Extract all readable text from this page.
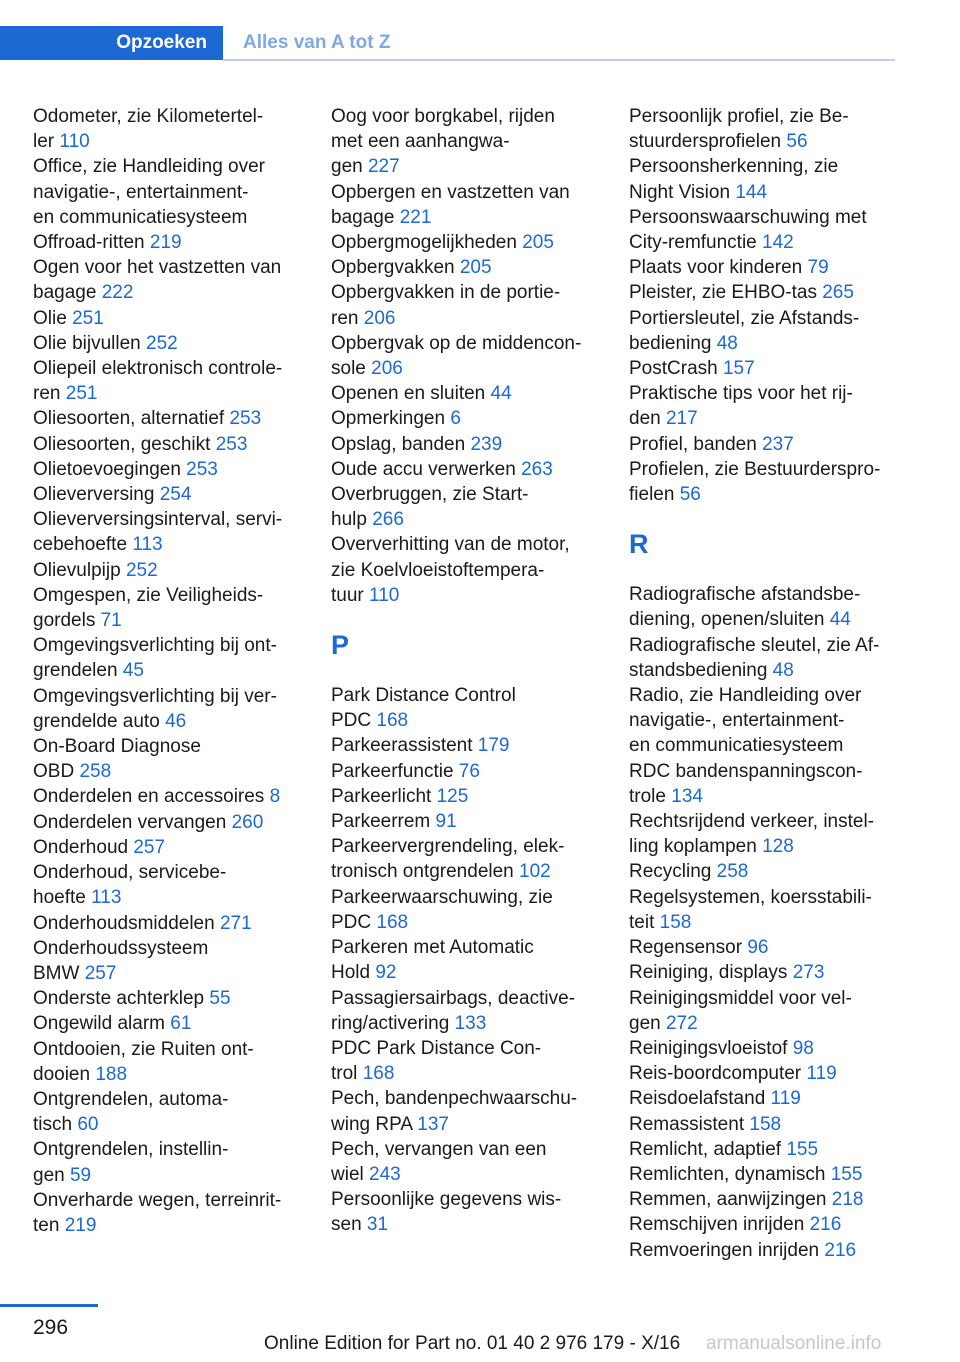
Opzoeken	Alles van A tot Z
Odometer, zie Kilometertel-
ler 110
Office, zie Handleiding over
navigatie-, entertainment-
en communicatiesysteem
Offroad-ritten 219
Ogen voor het vastzetten van
bagage 222
Olie 251
Olie bijvullen 252
Oliepeil elektronisch controle-
ren 251
Oliesoorten, alternatief 253
Oliesoorten, geschikt 253
Olietoevoegingen 253
Olieverversing 254
Olieverversingsinterval, servi-
cebehoefte 113
Olievulpijp 252
Omgespen, zie Veiligheids-
gordels 71
Omgevingsverlichting bij ont-
grendelen 45
Omgevingsverlichting bij ver-
grendelde auto 46
On-Board Diagnose
OBD 258
Onderdelen en accessoires 8
Onderdelen vervangen 260
Onderhoud 257
Onderhoud, servicebe-
hoefte 113
Onderhoudsmiddelen 271
Onderhoudssysteem
BMW 257
Onderste achterklep 55
Ongewild alarm 61
Ontdooien, zie Ruiten ont-
dooien 188
Ontgrendelen, automa-
tisch 60
Ontgrendelen, instellin-
gen 59
Onverharde wegen, terreinrit-
ten 219
Oog voor borgkabel, rijden
met een aanhangwa-
gen 227
Opbergen en vastzetten van
bagage 221
Opbergmogelijkheden 205
Opbergvakken 205
Opbergvakken in de portie-
ren 206
Opbergvak op de middencon-
sole 206
Openen en sluiten 44
Opmerkingen 6
Opslag, banden 239
Oude accu verwerken 263
Overbruggen, zie Start-
hulp 266
Oververhitting van de motor,
zie Koelvloeistoftempera-
tuur 110
P
Park Distance Control
PDC 168
Parkeerassistent 179
Parkeerfunctie 76
Parkeerlicht 125
Parkeerrem 91
Parkeervergrendeling, elek-
tronisch ontgrendelen 102
Parkeerwaarschuwing, zie
PDC 168
Parkeren met Automatic
Hold 92
Passagiersairbags, deactive-
ring/activering 133
PDC Park Distance Con-
trol 168
Pech, bandenpechwaarschu-
wing RPA 137
Pech, vervangen van een
wiel 243
Persoonlijke gegevens wis-
sen 31
Persoonlijk profiel, zie Be-
stuurdersprofielen 56
Persoonsherkenning, zie
Night Vision 144
Persoonswaarschuwing met
City-remfunctie 142
Plaats voor kinderen 79
Pleister, zie EHBO-tas 265
Portiersleutel, zie Afstands-
bediening 48
PostCrash 157
Praktische tips voor het rij-
den 217
Profiel, banden 237
Profielen, zie Bestuurderspro-
fielen 56
R
Radiografische afstandsbe-
diening, openen/sluiten 44
Radiografische sleutel, zie Af-
standsbediening 48
Radio, zie Handleiding over
navigatie-, entertainment-
en communicatiesysteem
RDC bandenspanningscon-
trole 134
Rechtsrijdend verkeer, instel-
ling koplampen 128
Recycling 258
Regelsystemen, koersstabili-
teit 158
Regensensor 96
Reiniging, displays 273
Reinigingsmiddel voor vel-
gen 272
Reinigingsvloeistof 98
Reis-boordcomputer 119
Reisdoelafstand 119
Remassistent 158
Remlicht, adaptief 155
Remlichten, dynamisch 155
Remmen, aanwijzingen 218
Remschijven inrijden 216
Remvoeringen inrijden 216
296
Online Edition for Part no. 01 40 2 976 179 - X/16 armanualsonline.info
